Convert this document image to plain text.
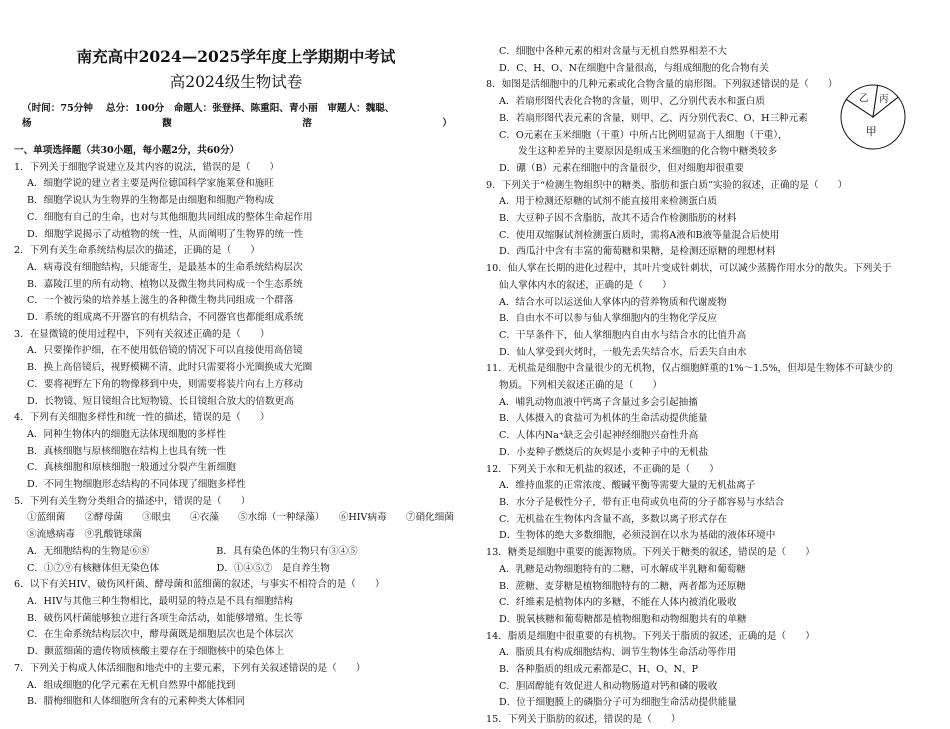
南充高中2024—2025学年度上学期期中考试
高2024级生物试卷
（时间：75分钟　 总分：100分　命题人：张登择、陈重阳、青小丽　审题人：魏聪、
杨	馥	溶	）
一、单项选择题（共30小题，每小题2分，共60分）
1．下列关于细胞学说建立及其内容的说法，错误的是（　　）
A．细胞学说的建立者主要是两位德国科学家施莱登和施旺
B．细胞学说认为生物界的生物都是由细胞和细胞产物构成
C．细胞有自己的生命，也对与其他细胞共同组成的整体生命起作用
D．细胞学说揭示了动植物的统一性，从而阐明了生物界的统一性
2．下列有关生命系统结构层次的描述，正确的是（　　）
A．病毒没有细胞结构，只能寄生，是最基本的生命系统结构层次
B．嘉陵江里的所有动物、植物以及微生物共同构成一个生态系统
C．一个被污染的培养基上滋生的各种微生物共同组成一个群落
D．系统的组成离不开器官的有机结合，不同器官也都能组成系统
3．在显微镜的使用过程中，下列有关叙述正确的是（　　）
A．只要操作护细，在不使用低倍镜的情况下可以直接使用高倍镜
B．换上高倍镜后，视野模糊不清，此时只需要将小光圈换成大光圈
C．要将视野左下角的物像移到中央，则需要将装片向右上方移动
D．长物镜、短目镜组合比短物镜、长目镜组合放大的倍数更高
4．下列有关细胞多样性和统一性的描述，错误的是（　　）
A．同种生物体内的细胞无法体现细胞的多样性
B．真核细胞与原核细胞在结构上也具有统一性
C．真核细胞和原核细胞一般通过分裂产生新细胞
D．不同生物细胞形态结构的不同体现了细胞多样性
5．下列有关生物分类组合的描述中，错误的是（　　）
①蓝细菌　　②酵母菌　　③眼虫　　④衣藻　　⑤水绵（一种绿藻）　　⑥HIV病毒　　⑦硝化细菌
⑧流感病毒　⑨乳酸链球菌
A．无细胞结构的生物是⑥⑧　　　　　　　B．具有染色体的生物只有③④⑤
C．①⑦⑨有核糖体但无染色体　　　　　　D．①④⑤⑦　是自养生物
6．以下有关HIV、破伤风杆菌、酵母菌和蓝细菌的叙述，与事实不相符合的是（　　）
A．HIV与其他三种生物相比，最明显的特点是不具有细胞结构
B．破伤风杆菌能够独立进行各项生命活动，如能够增殖、生长等
C．在生命系统结构层次中，酵母菌既是细胞层次也是个体层次
D．颤蓝细菌的遗传物质核酸主要存在于细胞核中的染色体上
7．下列关于构成人体活细胞和地壳中的主要元素，下列有关叙述错误的是（　　）
A．组成细胞的化学元素在无机自然界中都能找到
B．腊梅细胞和人体细胞所含有的元素种类大体相同
C．细胞中各种元素的相对含量与无机自然界相差不大
D．C、H、O、N在细胞中含量很高，与组成细胞的化合物有关
8．如图是活细胞中的几种元素或化合物含量的扇形图。下列叙述错误的是（　　）
A．若扇形图代表化合物的含量，则甲、乙分别代表水和蛋白质
B．若扇形图代表元素的含量，则甲、乙、丙分别代表C、O、H三种元素
C．O元素在玉米细胞（干重）中所占比例明显高于人细胞（干重），
　　发生这种差异的主要原因是组成玉米细胞的化合物中糖类较多
D．硼（B）元素在细胞中的含量很少，但对细胞却很重要
9．下列关于“检测生物组织中的糖类、脂肪和蛋白质”实验的叙述，正确的是（　　）
A．用于检测还原糖的试剂不能直接用来检测蛋白质
B．大豆种子因不含脂肪，故其不适合作检测脂肪的材料
C．使用双缩脲试剂检测蛋白质时，需将A液和B液等量混合后使用
D．西瓜汁中含有丰富的葡萄糖和果糖，是检测还原糖的理想材料
10．仙人掌在长期的进化过程中，其叶片变成针刺状，可以减少蒸腾作用水分的散失。下列关于
仙人掌体内水的叙述，正确的是（　　）
A．结合水可以运送仙人掌体内的营养物质和代谢废物
B．自由水不可以参与仙人掌细胞内的生物化学反应
C．干旱条件下，仙人掌细胞内自由水与结合水的比值升高
D．仙人掌受到火烤时，一般先丢失结合水，后丢失自由水
11．无机盐是细胞中含量很少的无机物，仅占细胞鲜重的1%～1.5%，但却是生物体不可缺少的
物质。下列相关叙述正确的是（　　）
A．哺乳动物血液中钙离子含量过多会引起抽搐
B．人体摄入的食盐可为机体的生命活动提供能量
C．人体内Na⁺缺乏会引起神经细胞兴奋性升高
D．小麦种子燃烧后的灰烬是小麦种子中的无机盐
12．下列关于水和无机盐的叙述，不正确的是（　　）
A．维持血浆的正常浓度、酸碱平衡等需要大量的无机盐离子
B．水分子是极性分子，带有正电荷或负电荷的分子都容易与水结合
C．无机盐在生物体内含量不高，多数以离子形式存在
D．生物体的绝大多数细胞，必须浸润在以水为基础的液体环境中
13．糖类是细胞中重要的能源物质。下列关于糖类的叙述，错误的是（　　）
A．乳糖是动物细胞特有的二糖，可水解成半乳糖和葡萄糖
B．蔗糖、麦芽糖是植物细胞特有的二糖，两者都为还原糖
C．纤维素是植物体内的多糖，不能在人体内被消化吸收
D．脱氧核糖和葡萄糖都是植物细胞和动物细胞共有的单糖
14．脂质是细胞中很重要的有机物。下列关于脂质的叙述，正确的是（　　）
A．脂质具有构成细胞结构、调节生物体生命活动等作用
B．各种脂质的组成元素都是C、H、O、N、P
C．胆固醇能有效促进人和动物肠道对钙和磷的吸收
D．位于细胞膜上的磷脂分子可为细胞生命活动提供能量
15．下列关于脂肪的叙述，错误的是（　　）
甲
乙 丙
